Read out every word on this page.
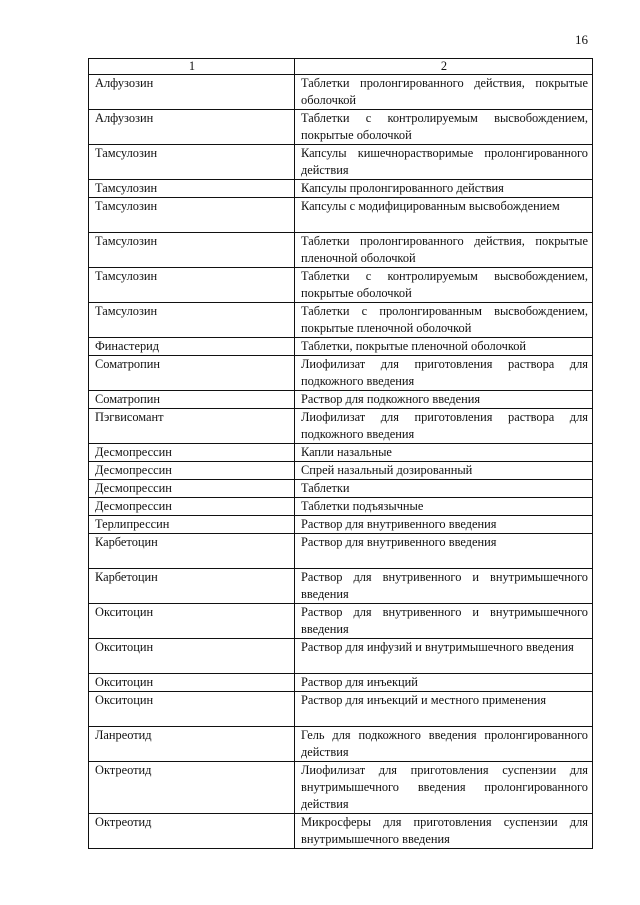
16
1	2
Алфузозин	Таблетки пролонгированного действия, покрытые оболочкой
Алфузозин	Таблетки с контролируемым высвобождением, покрытые оболочкой
Тамсулозин	Капсулы кишечнорастворимые пролонгированного действия
Тамсулозин	Капсулы пролонгированного действия
Тамсулозин	Капсулы с модифицированным высвобождением
Тамсулозин	Таблетки пролонгированного действия, покрытые пленочной оболочкой
Тамсулозин	Таблетки с контролируемым высвобождением, покрытые оболочкой
Тамсулозин	Таблетки с пролонгированным высвобождением, покрытые пленочной оболочкой
Финастерид	Таблетки, покрытые пленочной оболочкой
Соматропин	Лиофилизат для приготовления раствора для подкожного введения
Соматропин	Раствор для подкожного введения
Пэгвисомант	Лиофилизат для приготовления раствора для подкожного введения
Десмопрессин	Капли назальные
Десмопрессин	Спрей назальный дозированный
Десмопрессин	Таблетки
Десмопрессин	Таблетки подъязычные
Терлипрессин	Раствор для внутривенного введения
Карбетоцин	Раствор для внутривенного введения
Карбетоцин	Раствор для внутривенного и внутримышечного введения
Окситоцин	Раствор для внутривенного и внутримышечного введения
Окситоцин	Раствор для инфузий и внутримышечного введения
Окситоцин	Раствор для инъекций
Окситоцин	Раствор для инъекций и местного применения
Ланреотид	Гель для подкожного введения пролонгированного действия
Октреотид	Лиофилизат для приготовления суспензии для внутримышечного введения пролонгированного действия
Октреотид	Микросферы для приготовления суспензии для внутримышечного введения
